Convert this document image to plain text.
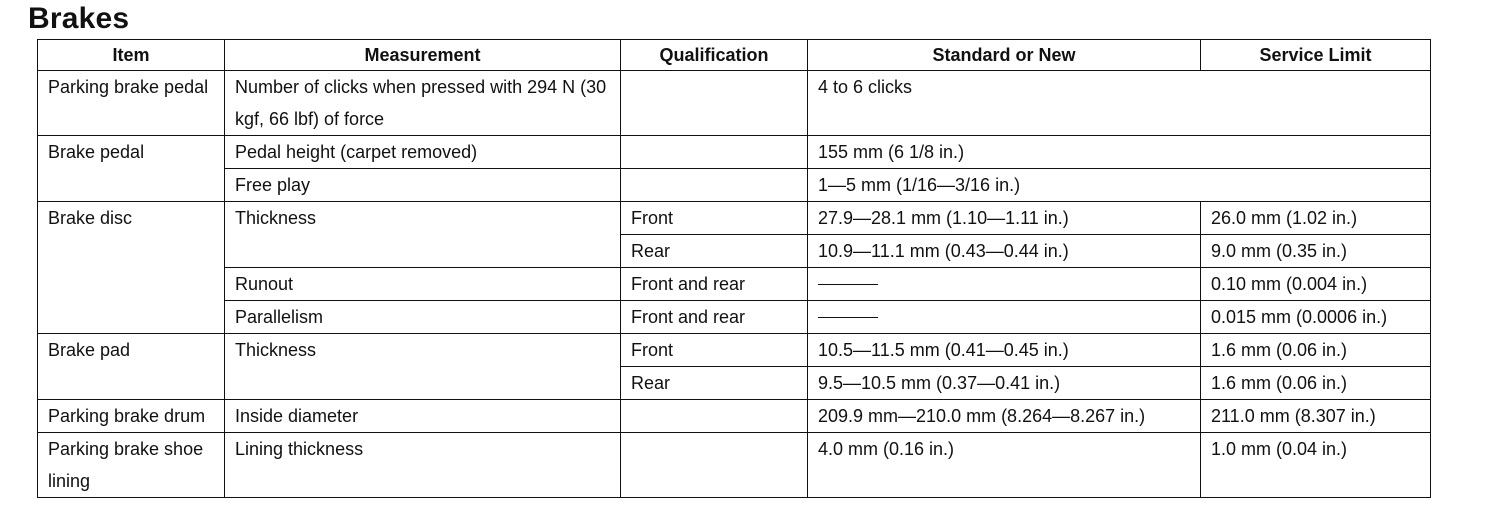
Brakes
Item	Measurement	Qualification	Standard or New	Service Limit
Parking brake pedal	Number of clicks when pressed with 294 N (30 kgf, 66 lbf) of force		4 to 6 clicks	
Brake pedal	Pedal height (carpet removed)		155 mm (6 1/8 in.)	
	Free play		1—5 mm (1/16—3/16 in.)	
Brake disc	Thickness	Front	27.9—28.1 mm (1.10—1.11 in.)	26.0 mm (1.02 in.)
		Rear	10.9—11.1 mm (0.43—0.44 in.)	9.0 mm (0.35 in.)
	Runout	Front and rear		0.10 mm (0.004 in.)
	Parallelism	Front and rear		0.015 mm (0.0006 in.)
Brake pad	Thickness	Front	10.5—11.5 mm (0.41—0.45 in.)	1.6 mm (0.06 in.)
		Rear	9.5—10.5 mm (0.37—0.41 in.)	1.6 mm (0.06 in.)
Parking brake drum	Inside diameter		209.9 mm—210.0 mm (8.264—8.267 in.)	211.0 mm (8.307 in.)
Parking brake shoe lining	Lining thickness		4.0 mm (0.16 in.)	1.0 mm (0.04 in.)
